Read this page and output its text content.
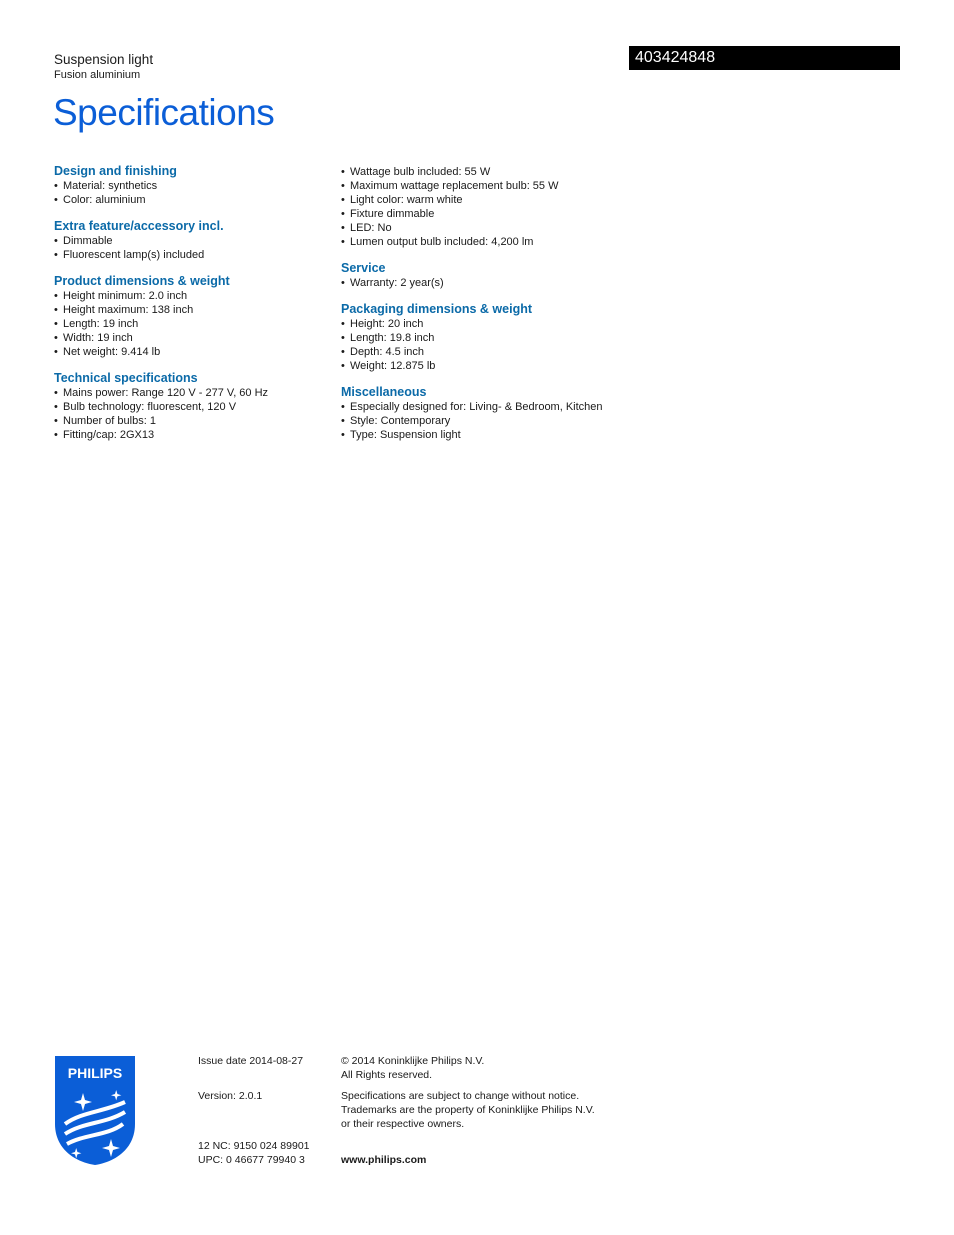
Suspension light
Fusion aluminium
403424848
Specifications
Design and finishing
• Material: synthetics
• Color: aluminium
Extra feature/accessory incl.
• Dimmable
• Fluorescent lamp(s) included
Product dimensions & weight
• Height minimum: 2.0 inch
• Height maximum: 138 inch
• Length: 19 inch
• Width: 19 inch
• Net weight: 9.414 lb
Technical specifications
• Mains power: Range 120 V - 277 V, 60 Hz
• Bulb technology: fluorescent, 120 V
• Number of bulbs: 1
• Fitting/cap: 2GX13
• Wattage bulb included: 55 W
• Maximum wattage replacement bulb: 55 W
• Light color: warm white
• Fixture dimmable
• LED: No
• Lumen output bulb included: 4,200 lm
Service
• Warranty: 2 year(s)
Packaging dimensions & weight
• Height: 20 inch
• Length: 19.8 inch
• Depth: 4.5 inch
• Weight: 12.875 lb
Miscellaneous
• Especially designed for: Living- & Bedroom, Kitchen
• Style: Contemporary
• Type: Suspension light
PHILIPS
Issue date 2014-08-27
Version: 2.0.1
12 NC: 9150 024 89901
UPC: 0 46677 79940 3
© 2014 Koninklijke Philips N.V.
All Rights reserved.
Specifications are subject to change without notice.
Trademarks are the property of Koninklijke Philips N.V.
or their respective owners.
www.philips.com
